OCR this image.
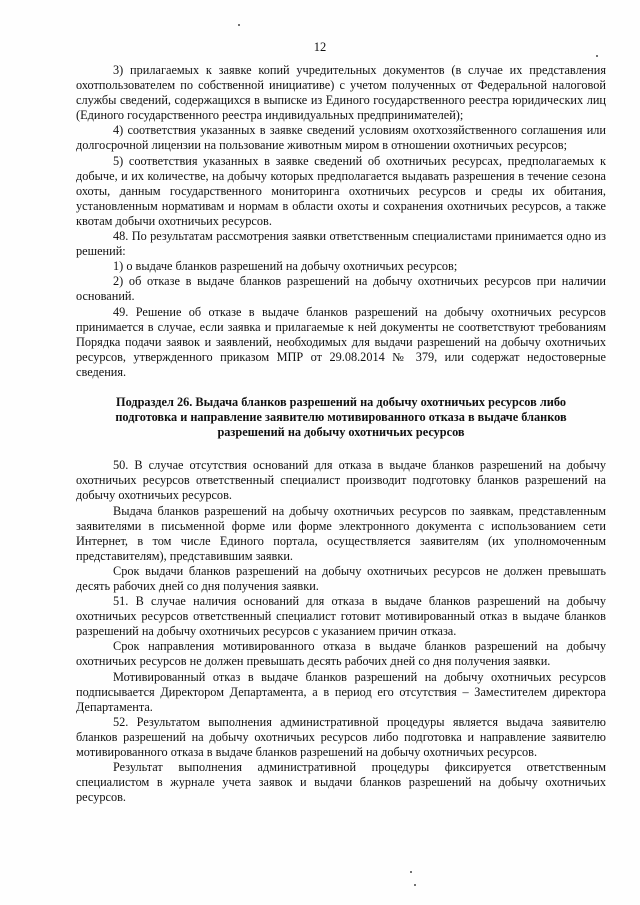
12

3) прилагаемых к заявке копий учредительных документов (в случае их представления охотпользователем по собственной инициативе) с учетом полученных от Федеральной налоговой службы сведений, содержащихся в выписке из Единого государственного реестра юридических лиц (Единого государственного реестра индивидуальных предпринимателей);

4) соответствия указанных в заявке сведений условиям охотхозяйственного соглашения или долгосрочной лицензии на пользование животным миром в отношении охотничьих ресурсов;

5) соответствия указанных в заявке сведений об охотничьих ресурсах, предполагаемых к добыче, и их количестве, на добычу которых предполагается выдавать разрешения в течение сезона охоты, данным государственного мониторинга охотничьих ресурсов и среды их обитания, установленным нормативам и нормам в области охоты и сохранения охотничьих ресурсов, а также квотам добычи охотничьих ресурсов.

48. По результатам рассмотрения заявки ответственным специалистами принимается одно из решений:

1) о выдаче бланков разрешений на добычу охотничьих ресурсов;

2) об отказе в выдаче бланков разрешений на добычу охотничьих ресурсов при наличии оснований.

49. Решение об отказе в выдаче бланков разрешений на добычу охотничьих ресурсов принимается в случае, если заявка и прилагаемые к ней документы не соответствуют требованиям Порядка подачи заявок и заявлений, необходимых для выдачи разрешений на добычу охотничьих ресурсов, утвержденного приказом МПР от 29.08.2014 № 379, или содержат недостоверные сведения.

Подраздел 26. Выдача бланков разрешений на добычу охотничьих ресурсов либо подготовка и направление заявителю мотивированного отказа в выдаче бланков разрешений на добычу охотничьих ресурсов

50. В случае отсутствия оснований для отказа в выдаче бланков разрешений на добычу охотничьих ресурсов ответственный специалист производит подготовку бланков разрешений на добычу охотничьих ресурсов.

Выдача бланков разрешений на добычу охотничьих ресурсов по заявкам, представленным заявителями в письменной форме или форме электронного документа с использованием сети Интернет, в том числе Единого портала, осуществляется заявителям (их уполномоченным представителям), представившим заявки.

Срок выдачи бланков разрешений на добычу охотничьих ресурсов не должен превышать десять рабочих дней со дня получения заявки.

51. В случае наличия оснований для отказа в выдаче бланков разрешений на добычу охотничьих ресурсов ответственный специалист готовит мотивированный отказ в выдаче бланков разрешений на добычу охотничьих ресурсов с указанием причин отказа.

Срок направления мотивированного отказа в выдаче бланков разрешений на добычу охотничьих ресурсов не должен превышать десять рабочих дней со дня получения заявки.

Мотивированный отказ в выдаче бланков разрешений на добычу охотничьих ресурсов подписывается Директором Департамента, а в период его отсутствия – Заместителем директора Департамента.

52. Результатом выполнения административной процедуры является выдача заявителю бланков разрешений на добычу охотничьих ресурсов либо подготовка и направление заявителю мотивированного отказа в выдаче бланков разрешений на добычу охотничьих ресурсов.

Результат выполнения административной процедуры фиксируется ответственным специалистом в журнале учета заявок и выдачи бланков разрешений на добычу охотничьих ресурсов.
